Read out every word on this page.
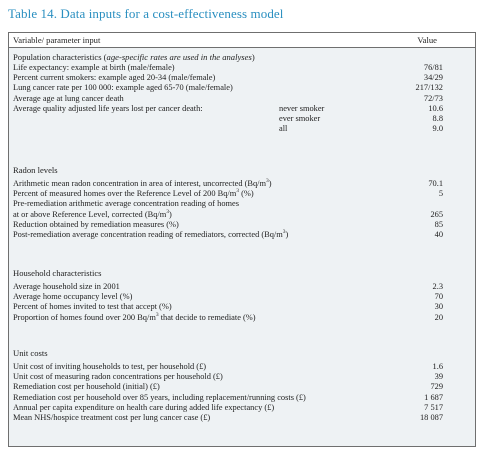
Table 14. Data inputs for a cost-effectiveness model
Variable/ parameter input	Value
Population characteristics (age-specific rates are used in the analyses)
Life expectancy: example at birth (male/female)	76/81
Percent current smokers: example aged 20-34 (male/female)	34/29
Lung cancer rate per 100 000: example aged 65-70 (male/female)	217/132
Average age at lung cancer death	72/73
Average quality adjusted life years lost per cancer death:	never smoker	10.6
ever smoker	8.8
all	9.0
Radon levels
Arithmetic mean radon concentration in area of interest, uncorrected $(Bq/m^3)$	70.1
Percent of measured homes over the Reference Level of 200 $Bq/m^3$ (%)	5
Pre-remediation arithmetic average concentration reading of homes
at or above Reference Level, corrected $(Bq/m^3)$	265
Reduction obtained by remediation measures (%)	85
Post-remediation average concentration reading of remediators, corrected $(Bq/m^3)$	40
Household characteristics
Average household size in 2001	2.3
Average home occupancy level (%)	70
Percent of homes invited to test that accept (%)	30
Proportion of homes found over 200 $Bq/m^3$ that decide to remediate (%)	20
Unit costs
Unit cost of inviting households to test, per household (£)	1.6
Unit cost of measuring radon concentrations per household (£)	39
Remediation cost per household (initial) (£)	729
Remediation cost per household over 85 years, including replacement/running costs (£)	1 687
Annual per capita expenditure on health care during added life expectancy (£)	7 517
Mean NHS/hospice treatment cost per lung cancer case (£)	18 087
